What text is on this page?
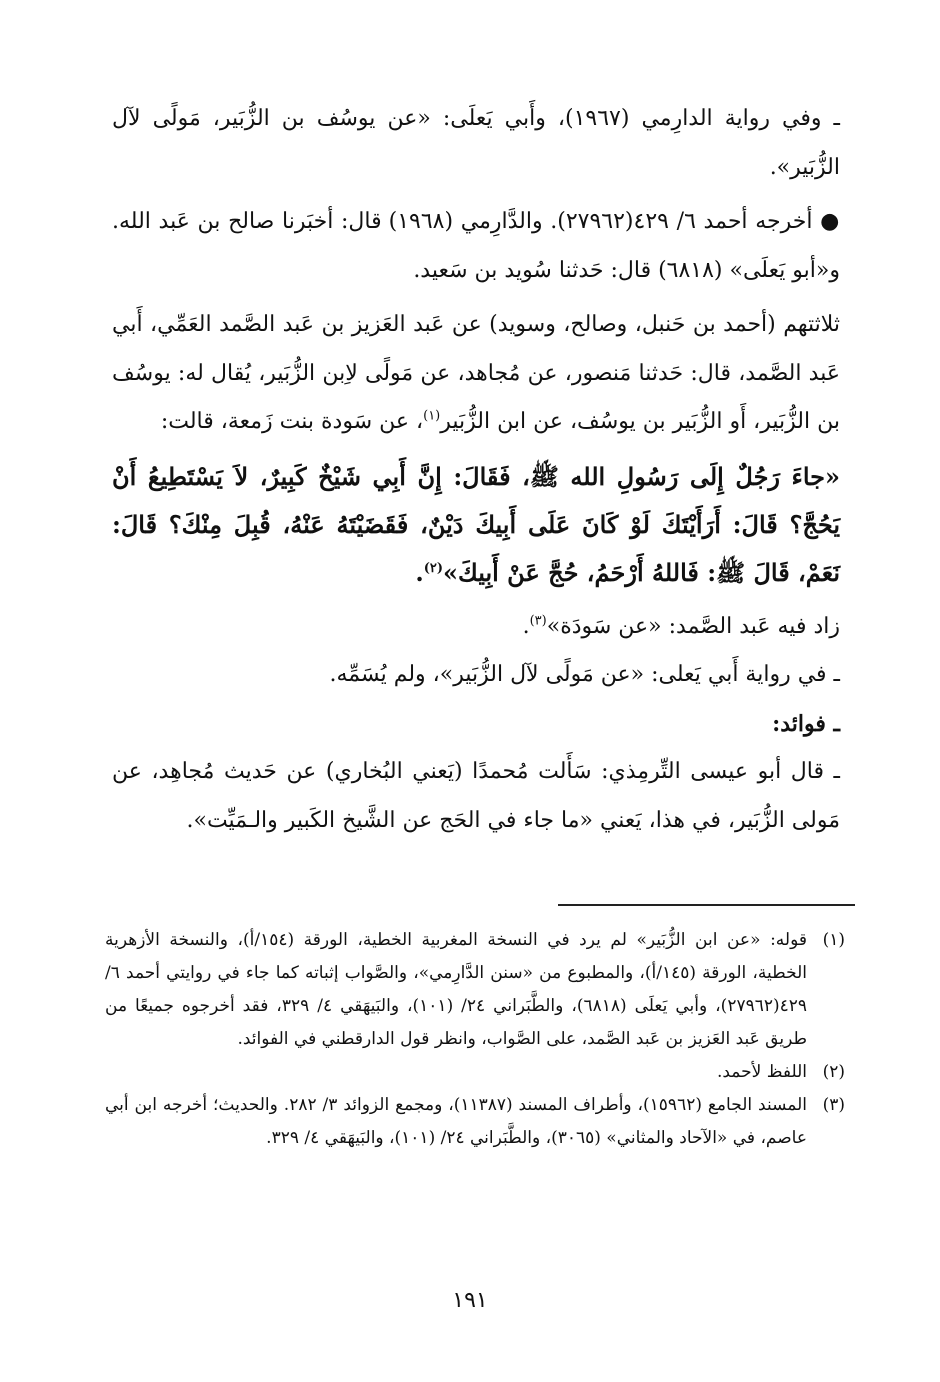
ـ وفي رواية الدارِمي (١٩٦٧)، وأَبي يَعلَى: «عن يوسُف بن الزُّبَير، مَولًى لآل الزُّبَير».

● أخرجه أحمد ٦/ ٤٢٩(٢٧٩٦٢). والدَّارِمي (١٩٦٨) قال: أخبَرنا صالح بن عَبد الله. و«أبو يَعلَى» (٦٨١٨) قال: حَدثنا سُويد بن سَعيد.

ثلاثتهم (أحمد بن حَنبل، وصالح، وسويد) عن عَبد العَزيز بن عَبد الصَّمد العَمِّي، أَبي عَبد الصَّمد، قال: حَدثنا مَنصور، عن مُجاهد، عن مَولًى لاِبن الزُّبَير، يُقال له: يوسُف بن الزُّبَير، أَو الزُّبَير بن يوسُف، عن ابن الزُّبَير$^{(١)}$، عن سَودة بنت زَمعة، قالت:

«جاءَ رَجُلٌ إِلَى رَسُولِ الله ﷺ، فَقَالَ: إِنَّ أَبِي شَيْخٌ كَبِيرٌ، لاَ يَسْتَطِيعُ أَنْ يَحُجَّ؟ قَالَ: أَرَأَيْتَكَ لَوْ كَانَ عَلَى أَبِيكَ دَيْنٌ، فَقَضَيْتَهُ عَنْهُ، قُبِلَ مِنْكَ؟ قَالَ: نَعَمْ، قَالَ ﷺ: فَاللهُ أَرْحَمُ، حُجَّ عَنْ أَبِيكَ»$^{(٢)}$.

زاد فيه عَبد الصَّمد: «عن سَودَة»$^{(٣)}$.

ـ في رواية أَبي يَعلى: «عن مَولًى لآل الزُّبَير»، ولم يُسَمِّه.

ـ فوائد:

ـ قال أبو عيسى التِّرمِذي: سَأَلت مُحمدًا (يَعني البُخاري) عن حَديث مُجاهِد، عن مَولى الزُّبَير، في هذا، يَعني «ما جاء في الحَج عن الشَّيخ الكَبير والـمَيِّت».

(١)قوله: «عن ابن الزُّبَير» لم يرد في النسخة المغربية الخطية، الورقة (١٥٤/أ)، والنسخة الأزهرية الخطية، الورقة (١٤٥/أ)، والمطبوع من «سنن الدَّارِمي»، والصَّواب إثباته كما جاء في روايتي أحمد ٦/ ٤٢٩(٢٧٩٦٢)، وأبي يَعلَى (٦٨١٨)، والطَّبَراني ٢٤/ (١٠١)، والبَيهَقي ٤/ ٣٢٩، فقد أخرجوه جميعًا من طريق عَبد العَزيز بن عَبد الصَّمد، على الصَّواب، وانظر قول الدارقطني في الفوائد.

(٢)اللفظ لأحمد.

(٣)المسند الجامع (١٥٩٦٢)، وأطراف المسند (١١٣٨٧)، ومجمع الزوائد ٣/ ٢٨٢. والحديث؛ أخرجه ابن أبي عاصم، في «الآحاد والمثاني» (٣٠٦٥)، والطَّبَراني ٢٤/ (١٠١)، والبَيهَقي ٤/ ٣٢٩.

١٩١
